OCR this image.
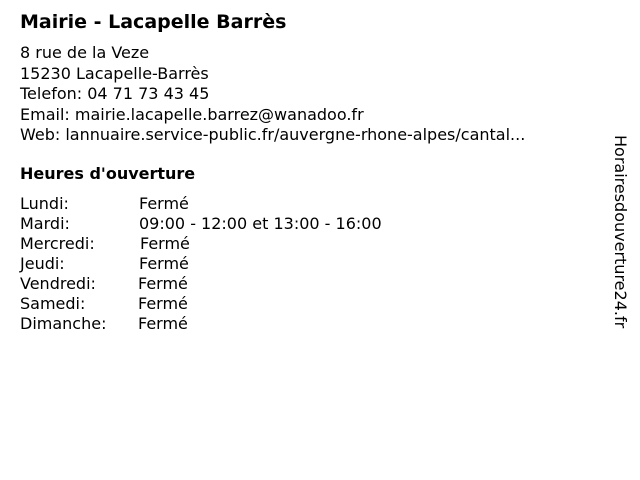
Mairie - Lacapelle Barrès
8 rue de la Veze
15230 Lacapelle-Barrès
Telefon: 04 71 73 43 45
Email: mairie.lacapelle.barrez@wanadoo.fr
Web: lannuaire.service-public.fr/auvergne-rhone-alpes/cantal...
Heures d'ouverture
Lundi:	Fermé
Mardi:	09:00 - 12:00 et 13:00 - 16:00
Mercredi:	Fermé
Jeudi:	Fermé
Vendredi:	Fermé
Samedi:	Fermé
Dimanche: Fermé	Horairesdouverture24.fr
